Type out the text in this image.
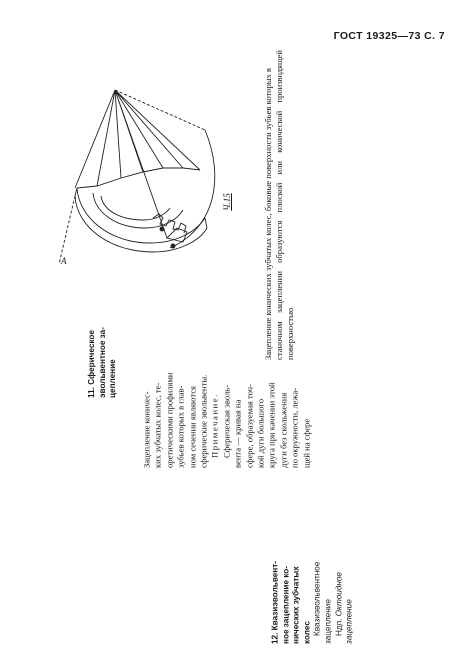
ГОСТ 19325—73 С. 7
11. Сферическое эвольвентное за- цепление
Зацепление коничес- ких зубчатых колес, те- оретическими профилями зубьев которых в глав- ном сечении являются сферические эвольвенты. Примечание. Сферическая эволь- вента — кривая на сфере, образуемая точ- кой дуги большого круга при качении этой дуги без скольжения по окружности, лежа- щей на сфере
А
Ч.15
12. Квазиэвольвент- ное зацепление ко- нических зубчатых колес Квазиэвольвентное зацепление Ндп. Октоидное
зацепление
Зацепление конических зубчатых колес, боковые поверхности зубьев которых в станочном зацеплении образуются плоской или конической производящей поверхностью
